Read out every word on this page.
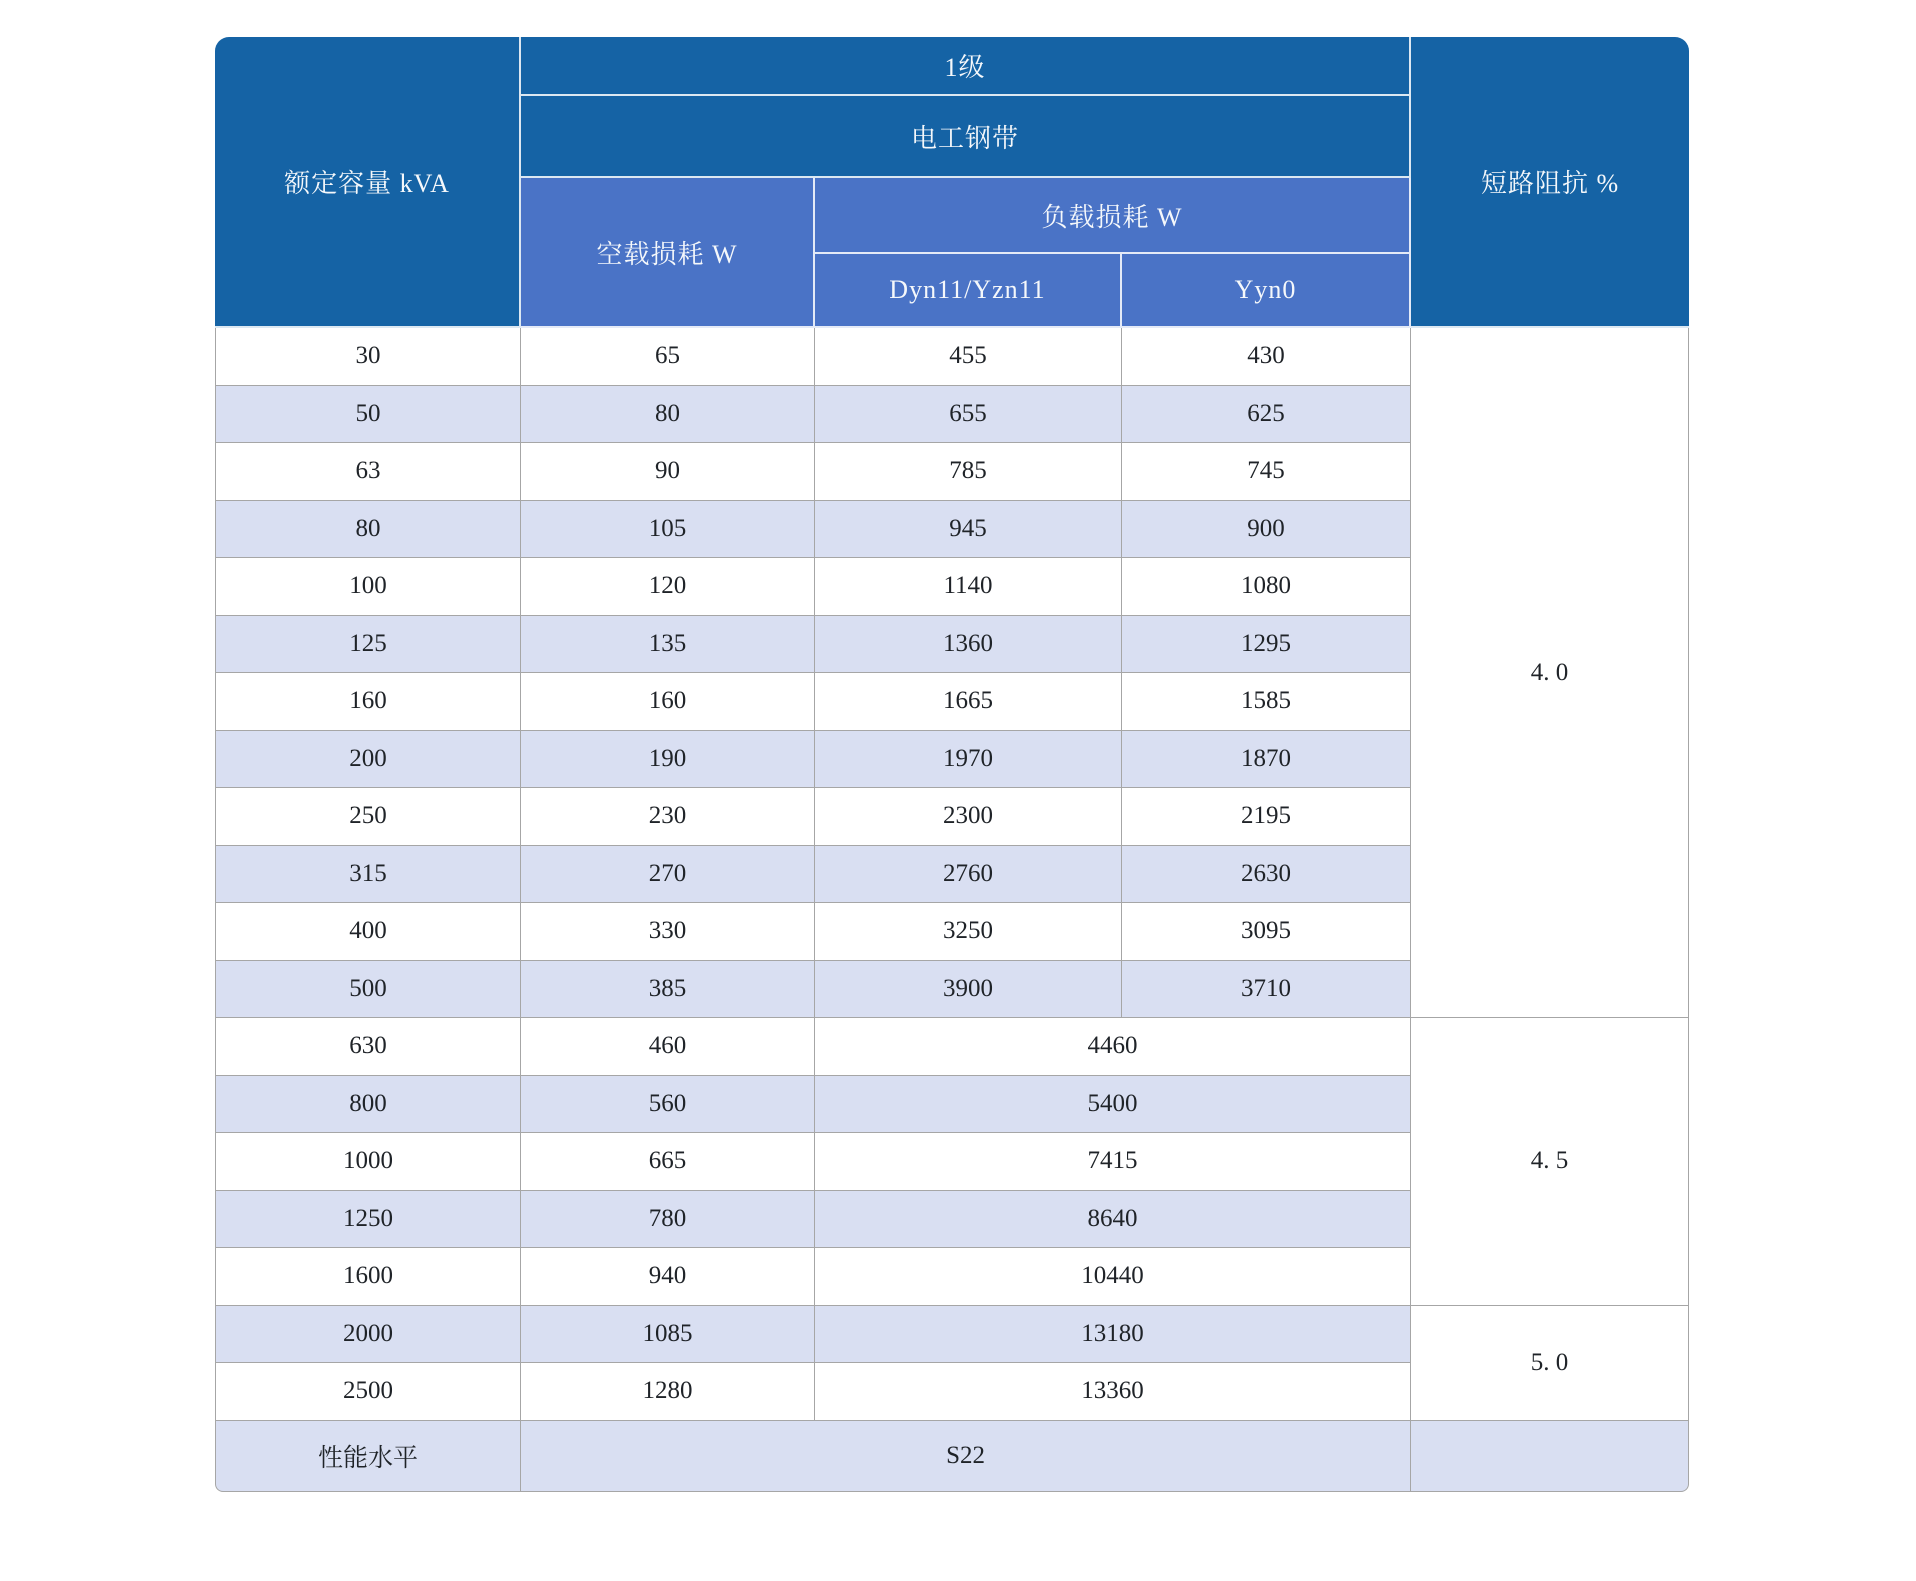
额定容量 kVA	1级			短路阻抗 %
	电工钢带			
	空载损耗 W	负载损耗 W		
		Dyn11/Yzn11	Yyn0	
30	65	455	430	4. 0
50	80	655	625	
63	90	785	745	
80	105	945	900	
100	120	1140	1080	
125	135	1360	1295	
160	160	1665	1585	
200	190	1970	1870	
250	230	2300	2195	
315	270	2760	2630	
400	330	3250	3095	
500	385	3900	3710	
630	460	4460		4. 5
800	560	5400		
1000	665	7415		
1250	780	8640		
1600	940	10440		
2000	1085	13180		5. 0
2500	1280	13360		
性能水平	S22			
